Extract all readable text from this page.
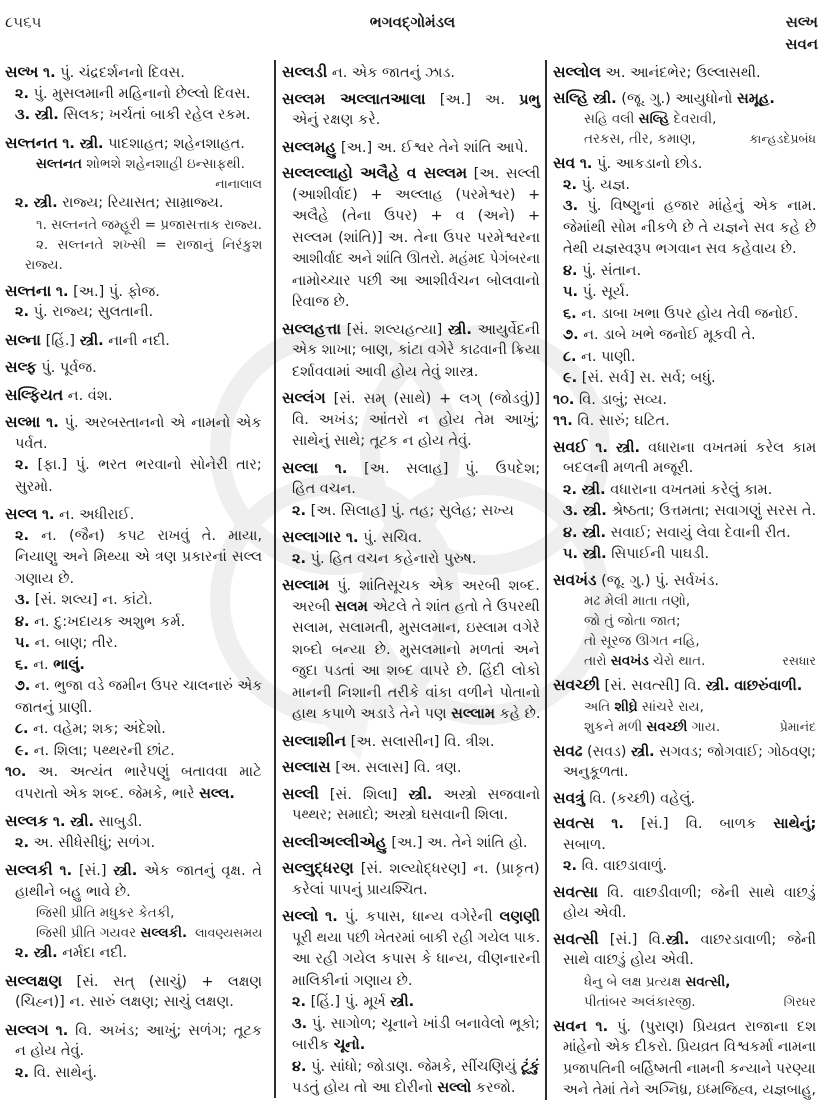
૮૫૬૫	ભગવદ્ગોમંડલ	સલ્ખ
સવન
સલ્ખ ૧. પું. ચંદ્રદર્શનનો દિવસ.
૨. પું. મુસલમાની મહિનાનો છેલ્લો દિવસ.
૩. સ્ત્રી. સિલક; ખર્ચતાં બાકી રહેલ રકમ.
સલ્તનત ૧. સ્ત્રી. પાદશાહત; શહેનશાહત.
સલ્તનત શોભશે શહેનશાહી ઇન્સાફથી.
નાનાલાલ
૨. સ્ત્રી. રાજ્ય; રિયાસત; સામ્રાજ્ય.
૧. સલ્તનતે જમ્હૂરી = પ્રજાસત્તાક રાજ્ય.
૨. સલ્તનતે શખ્સી = રાજાનું નિરંકુશ
રાજ્ય.
સલ્તના ૧. [અ.] પું. ફોજ.
૨. પું. રાજ્ય; સુલતાની.
સલ્ના [હિં.] સ્ત્રી. નાની નદી.
સલ્ફ પું. પૂર્વજ.
સલ્ફિયત ન. વંશ.
સલ્મા ૧. પું. અરબસ્તાનનો એ નામનો એક
પર્વત.
૨. [ફા.] પું. ભરત ભરવાનો સોનેરી તાર;
સુરમો.
સલ્લ ૧. ન. અધીરાઈ.
૨. ન. (જૈન) કપટ રાખવું તે. માયા,
નિયાણુ અને મિથ્યા એ ત્રણ પ્રકારનાં સલ્લ
ગણાય છે.
૩. [સં. શલ્ય] ન. કાંટો.
૪. ન. દુ:ખદાયક અશુભ કર્મ.
૫. ન. બાણ; તીર.
૬. ન. ભાલું.
૭. ન. ભુજા વડે જમીન ઉપર ચાલનારું એક
જાતનું પ્રાણી.
૮. ન. વહેમ; શક; અંદેશો.
૯. ન. શિલા; પથ્થરની છાંટ.
૧૦. અ. અત્યંત ભારેપણું બતાવવા માટે
વપરાતો એક શબ્દ. જેમકે, ભારે સલ્લ.
સલ્લક ૧. સ્ત્રી. સાબુડી.
૨. અ. સીધેસીધું; સળંગ.
સલ્લકી ૧. [સં.] સ્ત્રી. એક જાતનું વૃક્ષ. તે
હાથીને બહુ ભાવે છે.
જિસી પ્રીતિ મધુકર કેતકી,
જિસી પ્રીતિ ગયવર સલ્લકી. લાવણ્યસમય
૨. સ્ત્રી. નર્મદા નદી.
સલ્લક્ષણ [સં. સત્ (સાચું) + લક્ષણ
(ચિહ્ન)] ન. સારું લક્ષણ; સાચું લક્ષણ.
સલ્લગ ૧. વિ. અખંડ; આખું; સળંગ; તૂટક
ન હોય તેવું.
૨. વિ. સાથેનું.
સલ્લડી ન. એક જાતનું ઝાડ.
સલ્લમ અલ્લાતઆલા [અ.] અ. પ્રભુ
એનું રક્ષણ કરે.
સલ્લમહુ [અ.] અ. ઈશ્વર તેને શાંતિ આપે.
સલ્લલ્લાહો અલૈહે વ સલ્લમ [અ. સલ્લી
(આશીર્વાદ) + અલ્લાહ (પરમેશ્વર) +
અલૈહે (તેના ઉપર) + વ (અને) +
સલ્લમ (શાંતિ)] અ. તેના ઉપર પરમેશ્વરના
આશીર્વાદ અને શાંતિ ઊતરો. મહંમદ પેગંબરના
નામોચ્ચાર પછી આ આશીર્વચન બોલવાનો
રિવાજ છે.
સલ્લહત્તા [સં. શલ્યહત્યા] સ્ત્રી. આયુર્વેદની
એક શાખા; બાણ, કાંટા વગેરે કાઢવાની ક્રિયા
દર્શાવવામાં આવી હોય તેવું શાસ્ત્ર.
સલ્લંગ [સં. સમ્ (સાથે) + લગ્ (જોડવું)]
વિ. અખંડ; આંતરો ન હોય તેમ આખું;
સાથેનું સાથે; તૂટક ન હોય તેવું.
સલ્લા ૧. [અ. સલાહ] પું. ઉપદેશ;
હિત વચન.
૨. [અ. સિલાહ] પું. તહ; સુલેહ; સખ્ય
સલ્લાગાર ૧. પું. સચિવ.
૨. પું. હિત વચન કહેનારો પુરુષ.
સલ્લામ પું. શાંતિસૂચક એક અરબી શબ્દ.
અરબી સલમ એટલે તે શાંત હતો તે ઉપરથી
સલામ, સલામતી, મુસલમાન, ઇસ્લામ વગેરે
શબ્દો બન્યા છે. મુસલમાનો મળતાં અને
જુદા પડતાં આ શબ્દ વાપરે છે. હિંદી લોકો
માનની નિશાની તરીકે વાંકા વળીને પોતાનો
હાથ કપાળે અડાડે તેને પણ સલ્લામ કહે છે.
સલ્લાશીન [અ. સલાસીન] વિ. ત્રીશ.
સલ્લાસ [અ. સલાસ] વિ. ત્રણ.
સલ્લી [સં. શિલા] સ્ત્રી. અસ્ત્રો સજવાનો
પથ્થર; સમાદો; અસ્ત્રો ઘસવાની શિલા.
સલ્લીઅલ્લીએહુ [અ.] અ. તેને શાંતિ હો.
સલ્લુદ્ધરણ [સં. શલ્યોદ્ધરણ] ન. (પ્રાકૃત)
કરેલાં પાપનું પ્રાયશ્ચિત.
સલ્લો ૧. પું. કપાસ, ધાન્ય વગેરેની લણણી
પૂરી થયા પછી ખેતરમાં બાકી રહી ગયેલ પાક.
આ રહી ગયેલ કપાસ કે ધાન્ય, વીણનારની
માલિકીનાં ગણાય છે.
૨. [હિં.] પું. મૂર્ખ સ્ત્રી.
૩. પું. સાગોળ; ચૂનાને ખાંડી બનાવેલો ભૂકો;
બારીક ચૂનો.
૪. પું. સાંધો; જોડાણ. જેમકે, સીંચણિયું ટૂંકું
પડતું હોય તો આ દોરીનો સલ્લો કરજો.
સલ્લોલ અ. આનંદભેર; ઉલ્લાસથી.
સલ્હિ સ્ત્રી. (જૂ. ગુ.) આયુધોનો સમૂહ.
સહિ વલી સલ્હિ દેવરાવી,
તરકસ, તીર, કમાણ,	કાન્હડદેપ્રબંધ
સવ ૧. પું. આકડાનો છોડ.
૨. પું. યજ્ઞ.
૩. પું. વિષ્ણુનાં હજાર માંહેનું એક નામ.
જેમાંથી સોમ નીકળે છે તે યજ્ઞને સવ કહે છે
તેથી યજ્ઞસ્વરૂપ ભગવાન સવ કહેવાય છે.
૪. પું. સંતાન.
૫. પું. સૂર્ય.
૬. ન. ડાબા ખભા ઉપર હોય તેવી જનોઈ.
૭. ન. ડાબે ખભે જનોઈ મૂકવી તે.
૮. ન. પાણી.
૯. [સં. સર્વ] સ. સર્વ; બધું.
૧૦. વિ. ડાબું; સવ્ય.
૧૧. વિ. સારું; ઘટિત.
સવઈ ૧. સ્ત્રી. વધારાના વખતમાં કરેલ કામ
બદલની મળતી મજૂરી.
૨. સ્ત્રી. વધારાના વખતમાં કરેલું કામ.
૩. સ્ત્રી. શ્રેષ્ઠતા; ઉત્તમતા; સવાગણું સરસ તે.
૪. સ્ત્રી. સવાઈ; સવાયું લેવા દેવાની રીત.
૫. સ્ત્રી. સિપાઈની પાઘડી.
સવખંડ (જૂ. ગુ.) પું. સર્વખંડ.
મઢ મેલી માતા તણો,
જો તું જોતા જાત;
તો સૂરજ ઊગત નહિ,
તારો સવખંડ ચેરો થાત.	રસધાર
સવચ્છી [સં. સવત્સી] વિ. સ્ત્રી. વાછરુંવાળી.
અતિ શીઘ્રે સાંચરે રાય,
શુકને મળી સવચ્છી ગાય.	પ્રેમાનંદ
સવઢ (સવડ) સ્ત્રી. સગવડ; જોગવાઈ; ગોઠવણ;
અનુકૂળતા.
સવત્રું વિ. (કચ્છી) વહેલું.
સવત્સ ૧. [સં.] વિ. બાળક સાથેનું;
સબાળ.
૨. વિ. વાછડાવાળું.
સવત્સા વિ. વાછડીવાળી; જેની સાથે વાછડું
હોય એવી.
સવત્સી [સં.] વિ.સ્ત્રી. વાછરડાવાળી; જેની
સાથે વાછડું હોય એવી.
ધેનુ બે લક્ષ પ્રત્યક્ષ સવત્સી,
પીતાંબર અલંકારજી.	ગિરધર
સવન ૧. પું. (પુરાણ) પ્રિયવ્રત રાજાના દશ
માંહેનો એક દીકરો. પ્રિયવ્રત વિશ્વકર્મા નામના
પ્રજાપતિની બર્હિષ્મતી નામની કન્યાને પરણ્યા
અને તેમાં તેને અગ્નિધ્ર, ઇધ્મજિહ્વ, યજ્ઞબાહુ,
